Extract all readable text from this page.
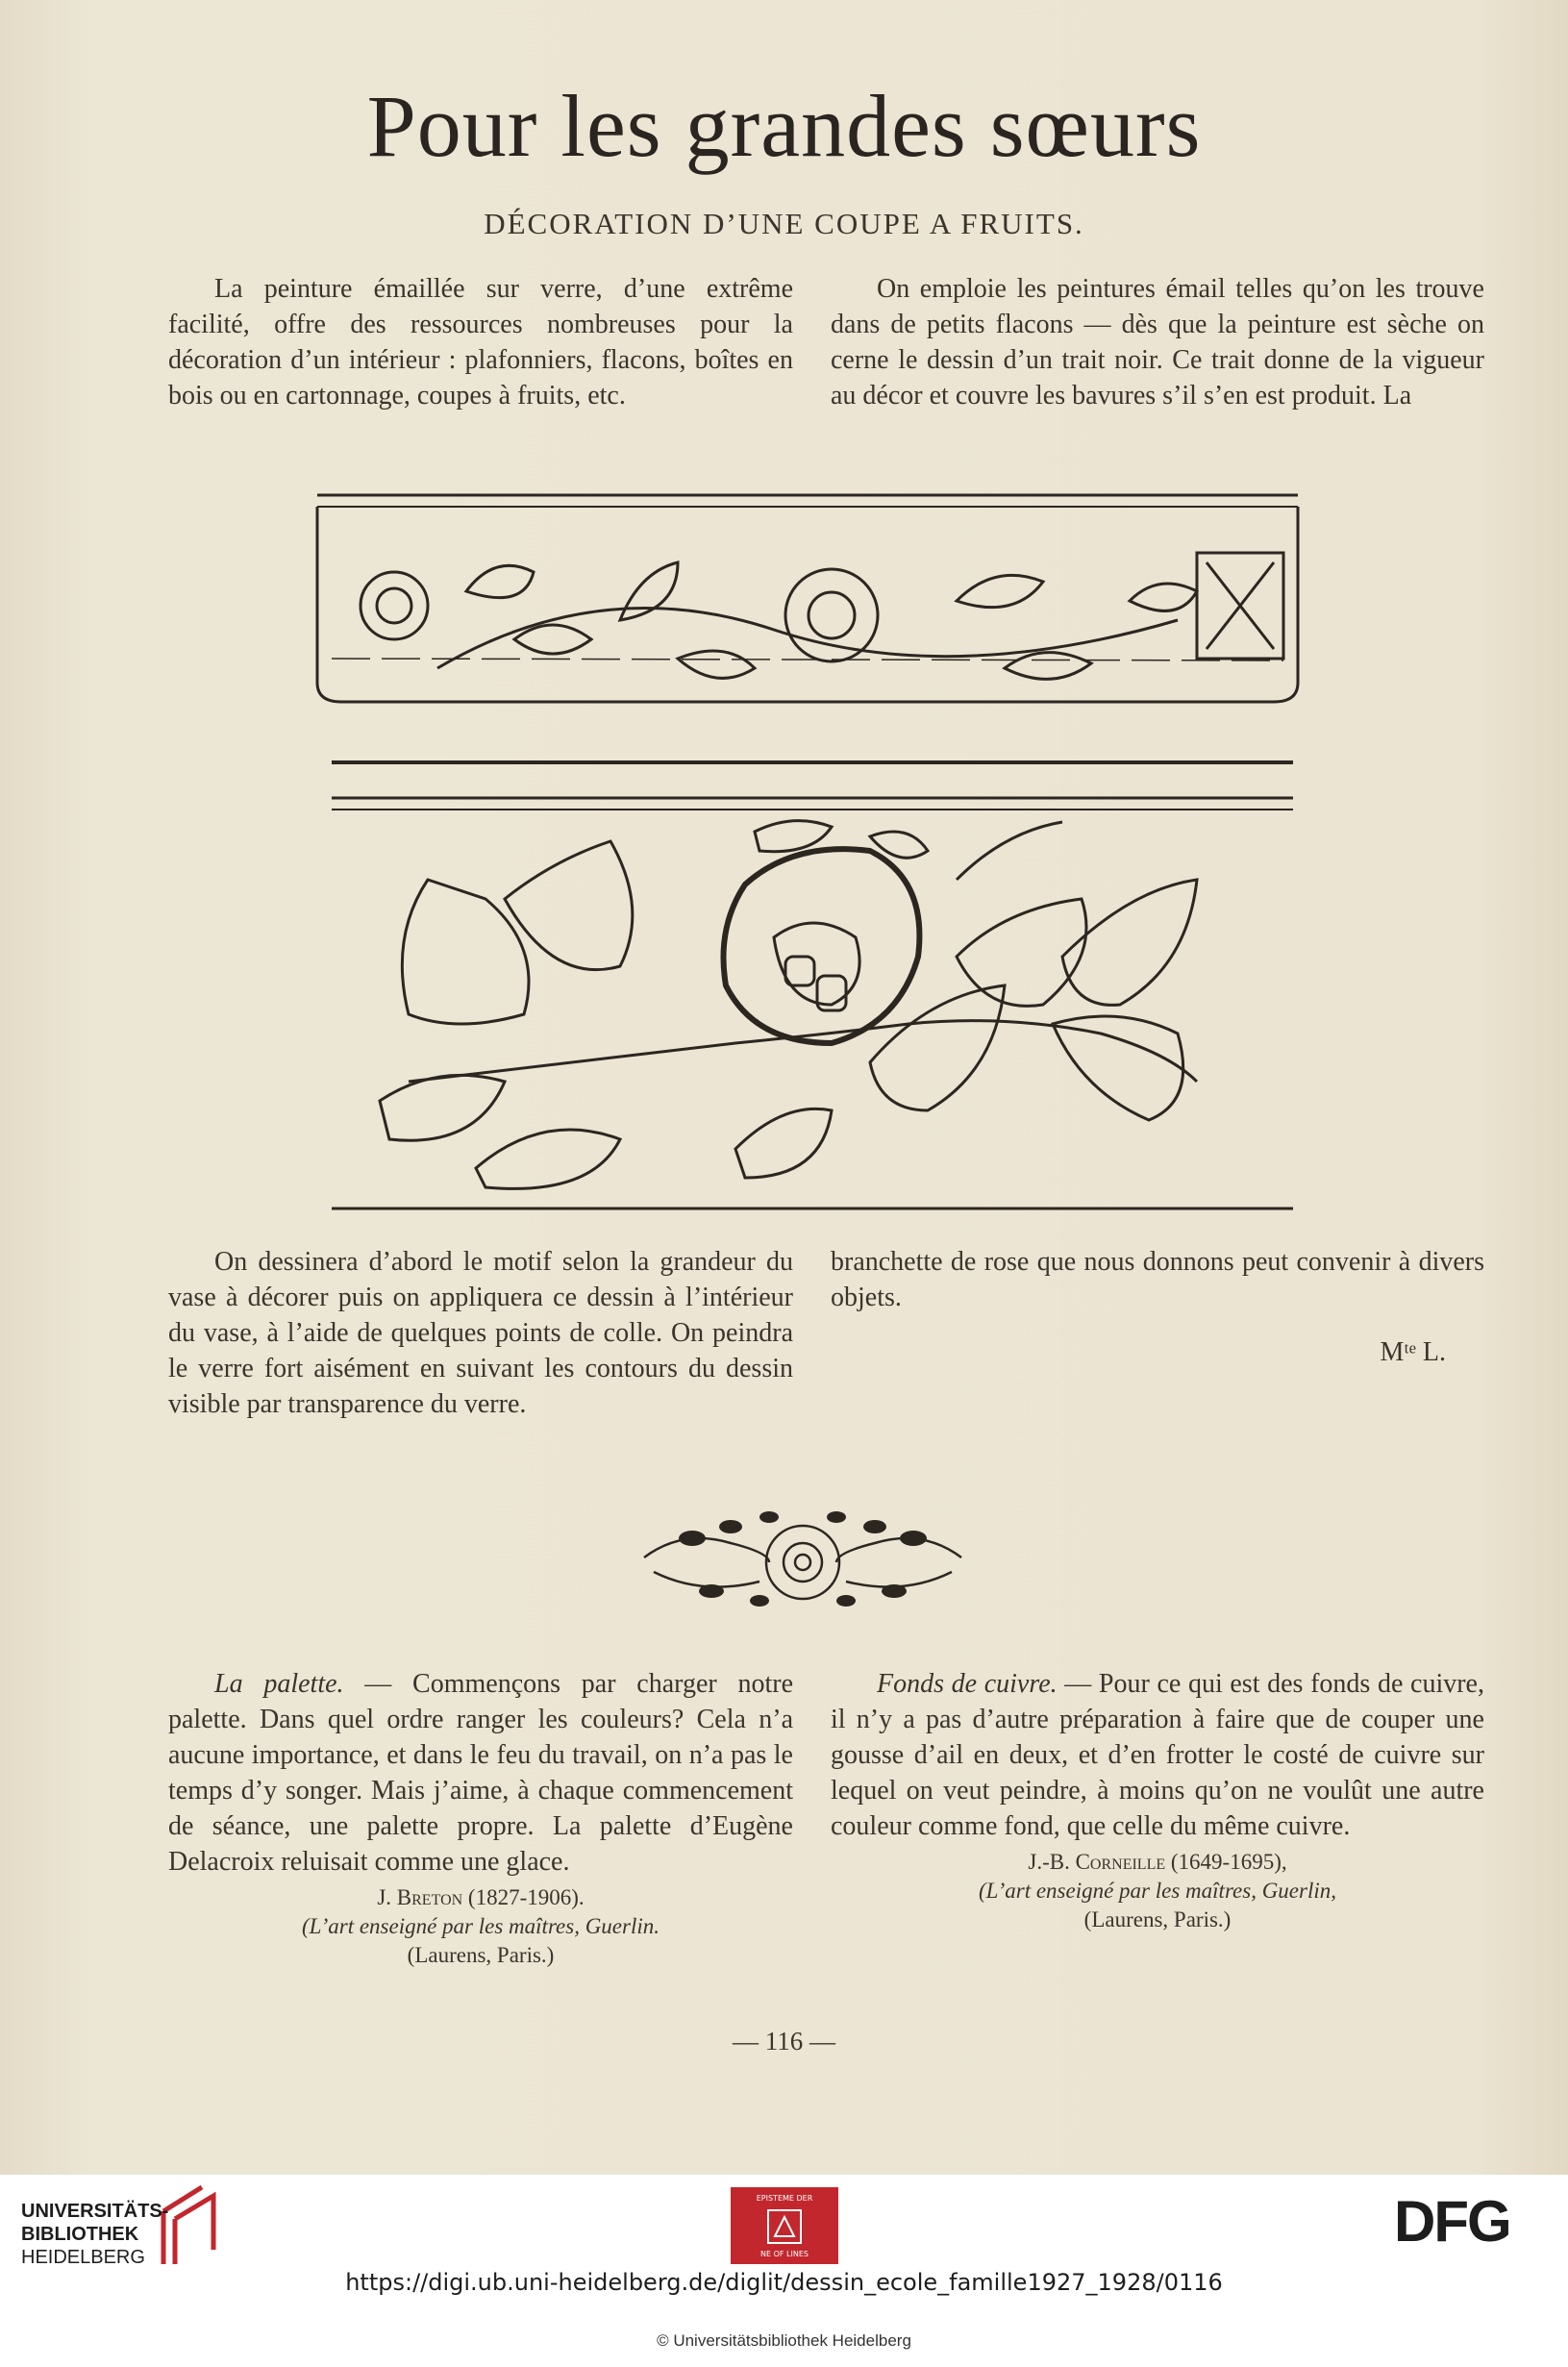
Pour les grandes sœurs
DÉCORATION D’UNE COUPE A FRUITS.

La peinture émaillée sur verre, d’une extrême facilité, offre des ressources nombreuses pour la décoration d’un intérieur : plafonniers, flacons, boîtes en bois ou en cartonnage, coupes à fruits, etc.

On emploie les peintures émail telles qu’on les trouve dans de petits flacons — dès que la peinture est sèche on cerne le dessin d’un trait noir. Ce trait donne de la vigueur au décor et couvre les bavures s’il s’en est produit. La

On dessinera d’abord le motif selon la grandeur du vase à décorer puis on appliquera ce dessin à l’intérieur du vase, à l’aide de quelques points de colle. On peindra le verre fort aisément en suivant les contours du dessin visible par transparence du verre.

branchette de rose que nous donnons peut convenir à divers objets.

Mᵗᵉ L.

La palette. — Commençons par charger notre palette. Dans quel ordre ranger les couleurs? Cela n’a aucune importance, et dans le feu du travail, on n’a pas le temps d’y songer. Mais j’aime, à chaque commencement de séance, une palette propre. La palette d’Eugène Delacroix reluisait comme une glace.

J. Breton (1827-1906).
(L’art enseigné par les maîtres, Guerlin.
(Laurens, Paris.)

Fonds de cuivre. — Pour ce qui est des fonds de cuivre, il n’y a pas d’autre préparation à faire que de couper une gousse d’ail en deux, et d’en frotter le costé de cuivre sur lequel on veut peindre, à moins qu’on ne voulût une autre couleur comme fond, que celle du même cuivre.

J.-B. Corneille (1649-1695),
(L’art enseigné par les maîtres, Guerlin,
(Laurens, Paris.)
— 116 —
UNIVERSITÄTS-
BIBLIOTHEK
HEIDELBERG
EPISTEME DER
NE OF LINES
DFG
https://digi.ub.uni-heidelberg.de/diglit/dessin_ecole_famille1927_1928/0116
© Universitätsbibliothek Heidelberg
